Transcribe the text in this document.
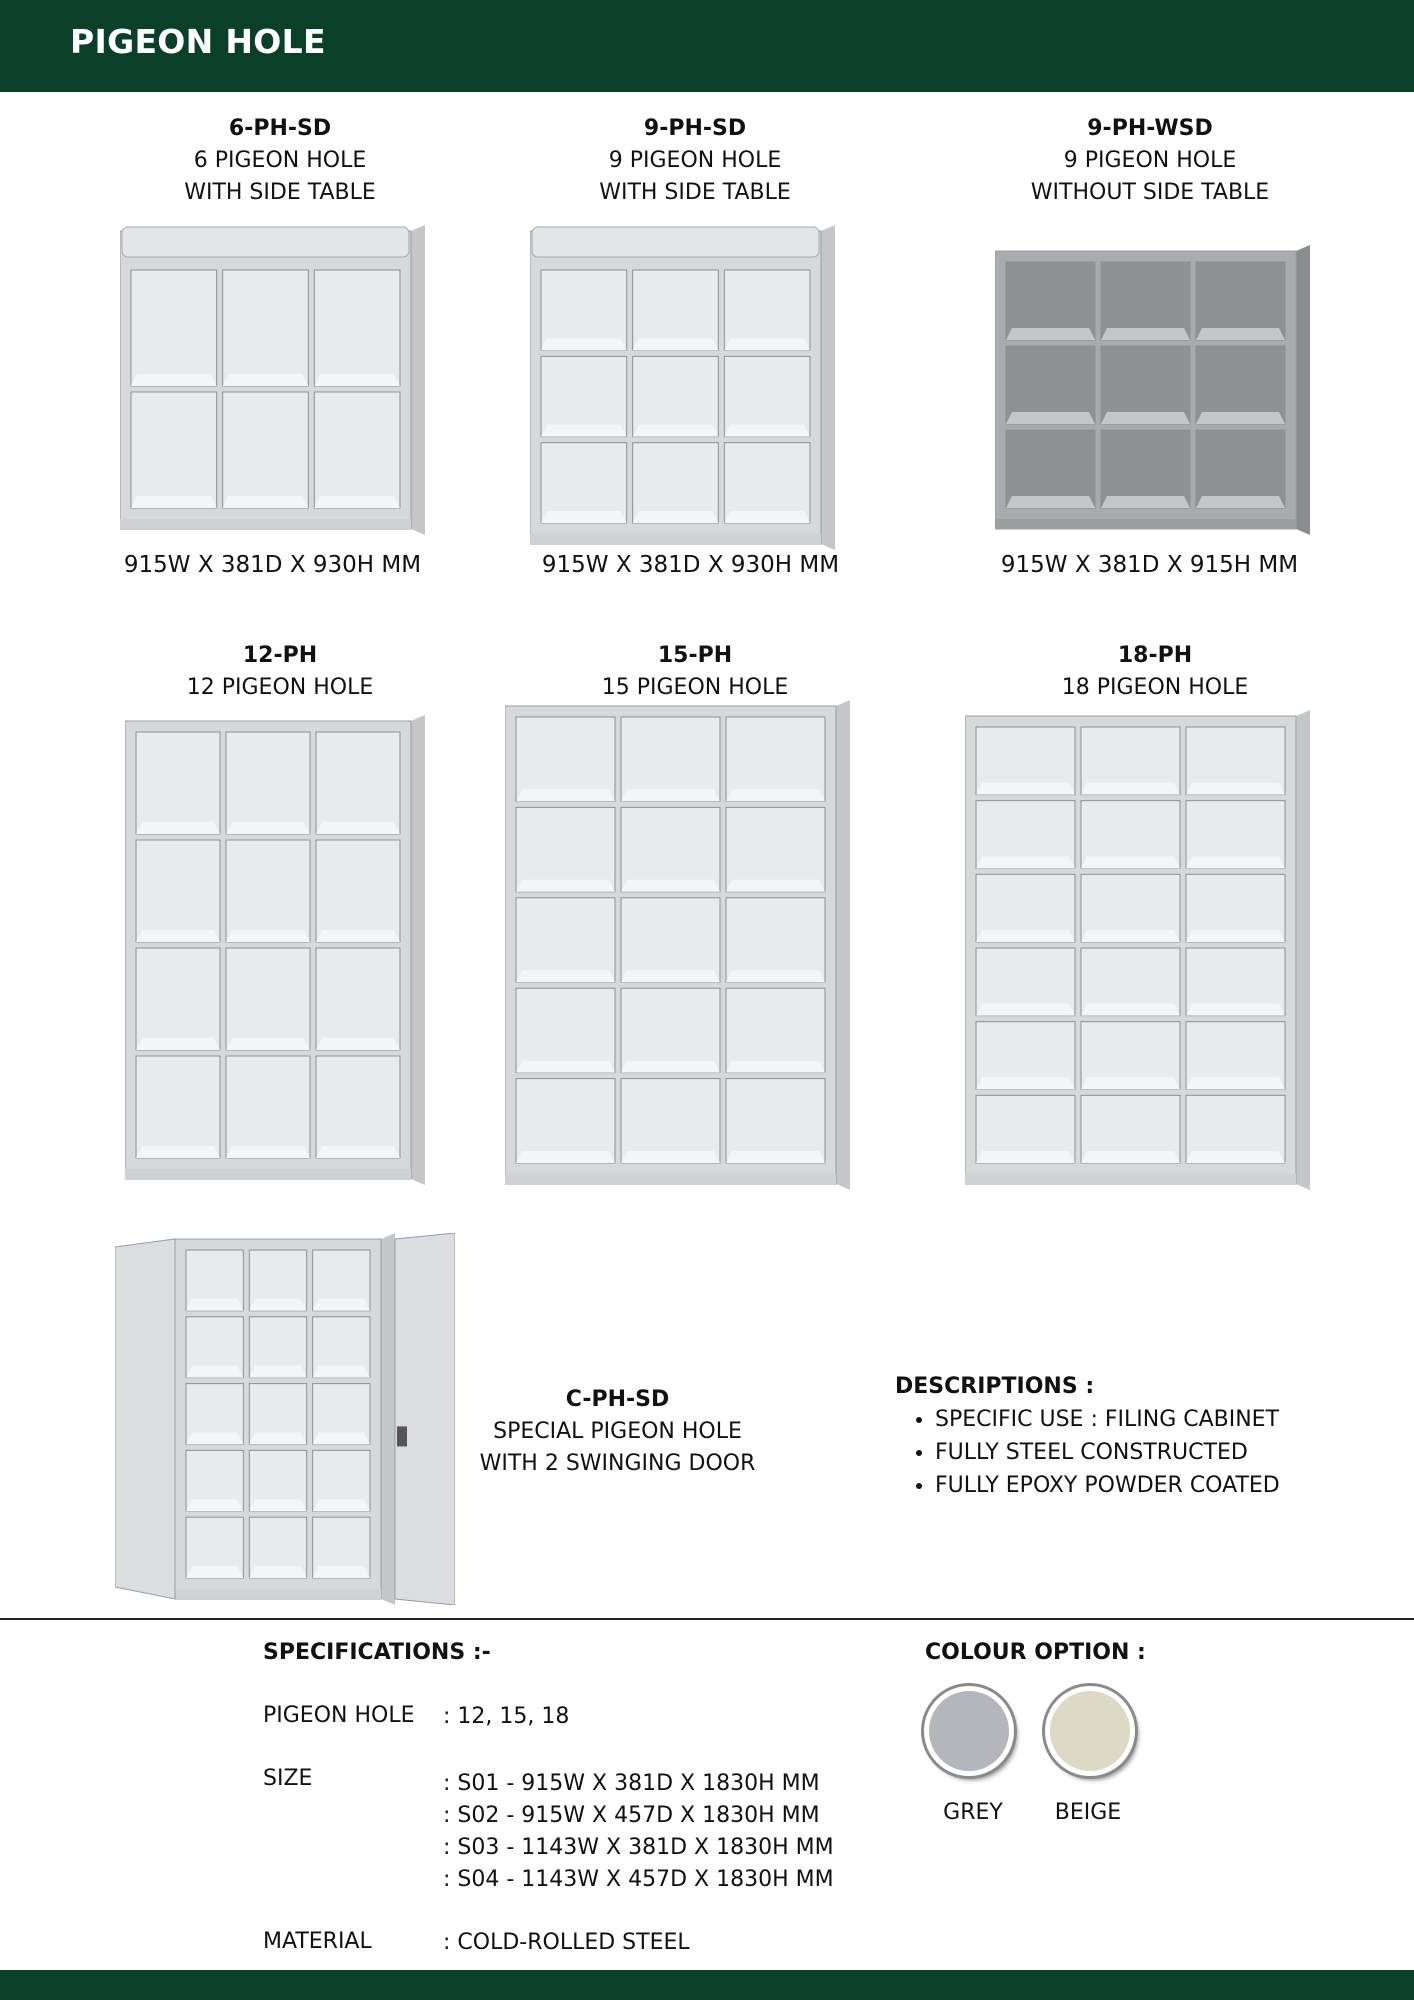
PIGEON HOLE
6-PH-SD
6 PIGEON HOLE
WITH SIDE TABLE
9-PH-SD
9 PIGEON HOLE
WITH SIDE TABLE
9-PH-WSD
9 PIGEON HOLE
WITHOUT SIDE TABLE
915W X 381D X 930H MM	915W X 381D X 930H MM	915W X 381D X 915H MM
12-PH
12 PIGEON HOLE
15-PH
15 PIGEON HOLE
18-PH
18 PIGEON HOLE
C-PH-SD
SPECIAL PIGEON HOLE
WITH 2 SWINGING DOOR
DESCRIPTIONS :
• SPECIFIC USE : FILING CABINET
• FULLY STEEL CONSTRUCTED
• FULLY EPOXY POWDER COATED
SPECIFICATIONS :-
PIGEON HOLE : 12, 15, 18
SIZE	: S01 - 915W X 381D X 1830H MM
: S02 - 915W X 457D X 1830H MM
: S03 - 1143W X 381D X 1830H MM
: S04 - 1143W X 457D X 1830H MM
MATERIAL	: COLD-ROLLED STEEL
COLOUR OPTION :
GREY	BEIGE
